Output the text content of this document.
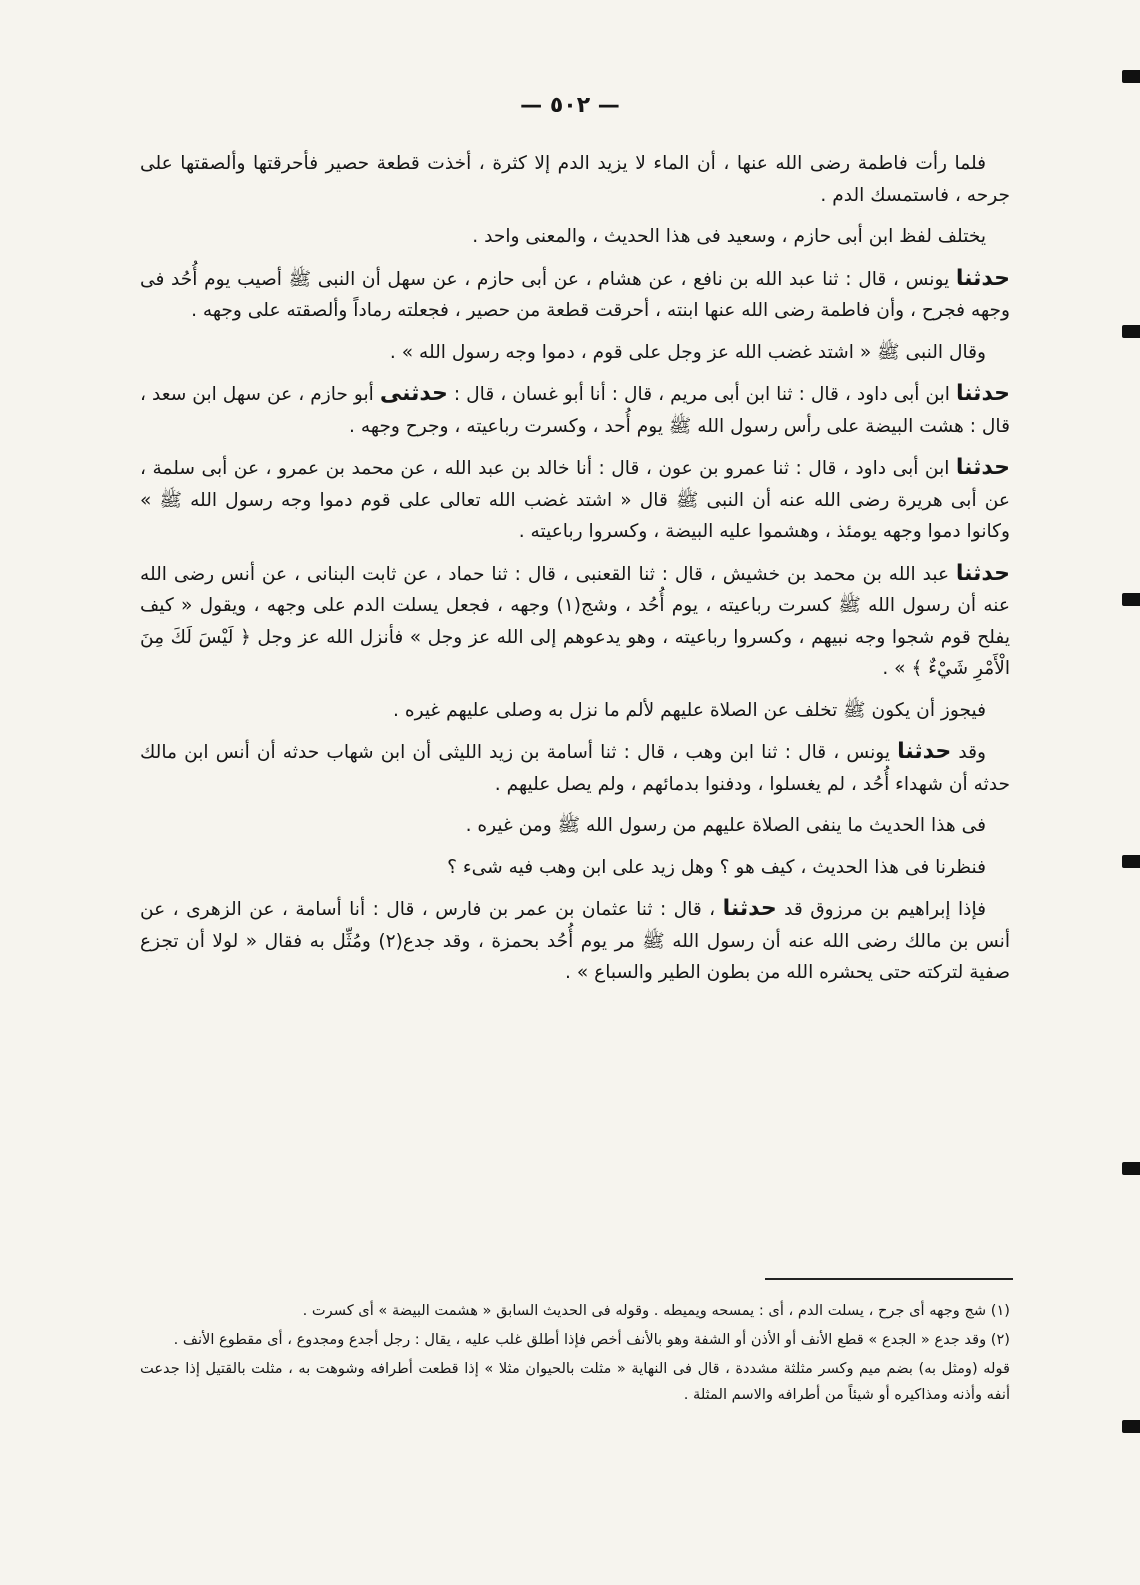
— ٥٠٢ —

فلما رأت فاطمة رضى الله عنها ، أن الماء لا يزيد الدم إلا كثرة ، أخذت قطعة حصير فأحرقتها وألصقتها على جرحه ، فاستمسك الدم .

يختلف لفظ ابن أبى حازم ، وسعيد فى هذا الحديث ، والمعنى واحد .

حدثنا يونس ، قال : ثنا عبد الله بن نافع ، عن هشام ، عن أبى حازم ، عن سهل أن النبى ﷺ أصيب يوم أُحُد فى وجهه فجرح ، وأن فاطمة رضى الله عنها ابنته ، أحرقت قطعة من حصير ، فجعلته رماداً وألصقته على وجهه .

وقال النبى ﷺ « اشتد غضب الله عز وجل على قوم ، دموا وجه رسول الله » .

حدثنا ابن أبى داود ، قال : ثنا ابن أبى مريم ، قال : أنا أبو غسان ، قال : حدثنى أبو حازم ، عن سهل ابن سعد ، قال : هشت البيضة على رأس رسول الله ﷺ يوم أُحد ، وكسرت رباعيته ، وجرح وجهه .

حدثنا ابن أبى داود ، قال : ثنا عمرو بن عون ، قال : أنا خالد بن عبد الله ، عن محمد بن عمرو ، عن أبى سلمة ، عن أبى هريرة رضى الله عنه أن النبى ﷺ قال « اشتد غضب الله تعالى على قوم دموا وجه رسول الله ﷺ » وكانوا دموا وجهه يومئذ ، وهشموا عليه البيضة ، وكسروا رباعيته .

حدثنا عبد الله بن محمد بن خشيش ، قال : ثنا القعنبى ، قال : ثنا حماد ، عن ثابت البنانى ، عن أنس رضى الله عنه أن رسول الله ﷺ كسرت رباعيته ، يوم أُحُد ، وشج(١) وجهه ، فجعل يسلت الدم على وجهه ، ويقول « كيف يفلح قوم شجوا وجه نبيهم ، وكسروا رباعيته ، وهو يدعوهم إلى الله عز وجل » فأنزل الله عز وجل ﴿ لَيْسَ لَكَ مِنَ الْأَمْرِ شَيْءٌ ﴾ » .

فيجوز أن يكون ﷺ تخلف عن الصلاة عليهم لألم ما نزل به وصلى عليهم غيره .

وقد حدثنا يونس ، قال : ثنا ابن وهب ، قال : ثنا أسامة بن زيد الليثى أن ابن شهاب حدثه أن أنس ابن مالك حدثه أن شهداء أُحُد ، لم يغسلوا ، ودفنوا بدمائهم ، ولم يصل عليهم .

فى هذا الحديث ما ينفى الصلاة عليهم من رسول الله ﷺ ومن غيره .

فنظرنا فى هذا الحديث ، كيف هو ؟ وهل زيد على ابن وهب فيه شىء ؟

فإذا إبراهيم بن مرزوق قد حدثنا ، قال : ثنا عثمان بن عمر بن فارس ، قال : أنا أسامة ، عن الزهرى ، عن أنس بن مالك رضى الله عنه أن رسول الله ﷺ مر يوم أُحُد بحمزة ، وقد جدع(٢) ومُثِّل به فقال « لولا أن تجزع صفية لتركته حتى يحشره الله من بطون الطير والسباع » .

(١) شج وجهه أى جرح ، يسلت الدم ، أى : يمسحه ويميطه . وقوله فى الحديث السابق « هشمت البيضة » أى كسرت .

(٢) وقد جدع « الجدع » قطع الأنف أو الأذن أو الشفة وهو بالأنف أخص فإذا أطلق غلب عليه ، يقال : رجل أجدع ومجدوع ، أى مقطوع الأنف .

قوله (ومثل به) بضم ميم وكسر مثلثة مشددة ، قال فى النهاية « مثلت بالحيوان مثلا » إذا قطعت أطرافه وشوهت به ، مثلت بالقتيل إذا جدعت أنفه وأذنه ومذاكيره أو شيئاً من أطرافه والاسم المثلة .
